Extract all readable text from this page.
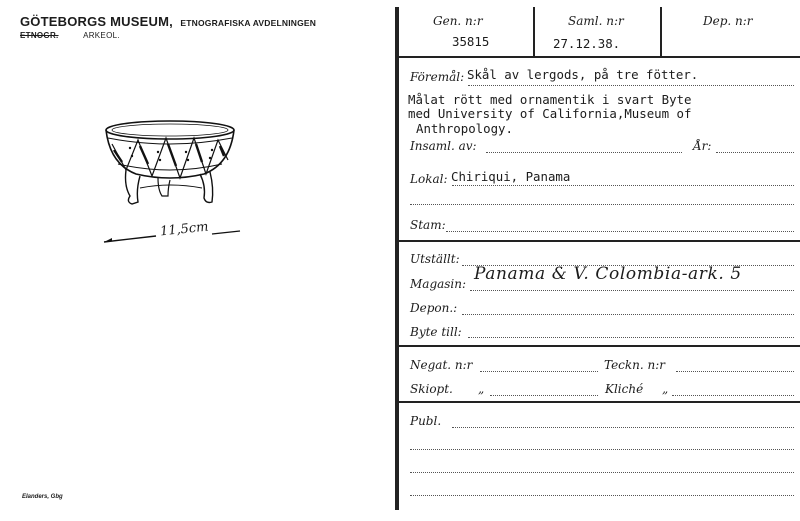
GÖTEBORGS MUSEUM, ETNOGRAFISKA AVDELNINGEN
ETNOGR.	ARKEOL.
11,5cm
Elanders, Gbg
Gen. n:r
35815
Saml. n:r
27.12.38.
Dep. n:r
Föremål: Skål av lergods, på tre fötter.
Målat rött med ornamentik i svart Byte
med University of California,Museum of
Anthropology.
Insaml. av:	År:
Lokal: Chiriqui, Panama
Stam:
Utställt:
Magasin: Panama & V. Colombia-ark. 5
Depon.:
Byte till:
Negat. n:r	Teckn. n:r
Skiopt. „	Kliché „
Publ.
